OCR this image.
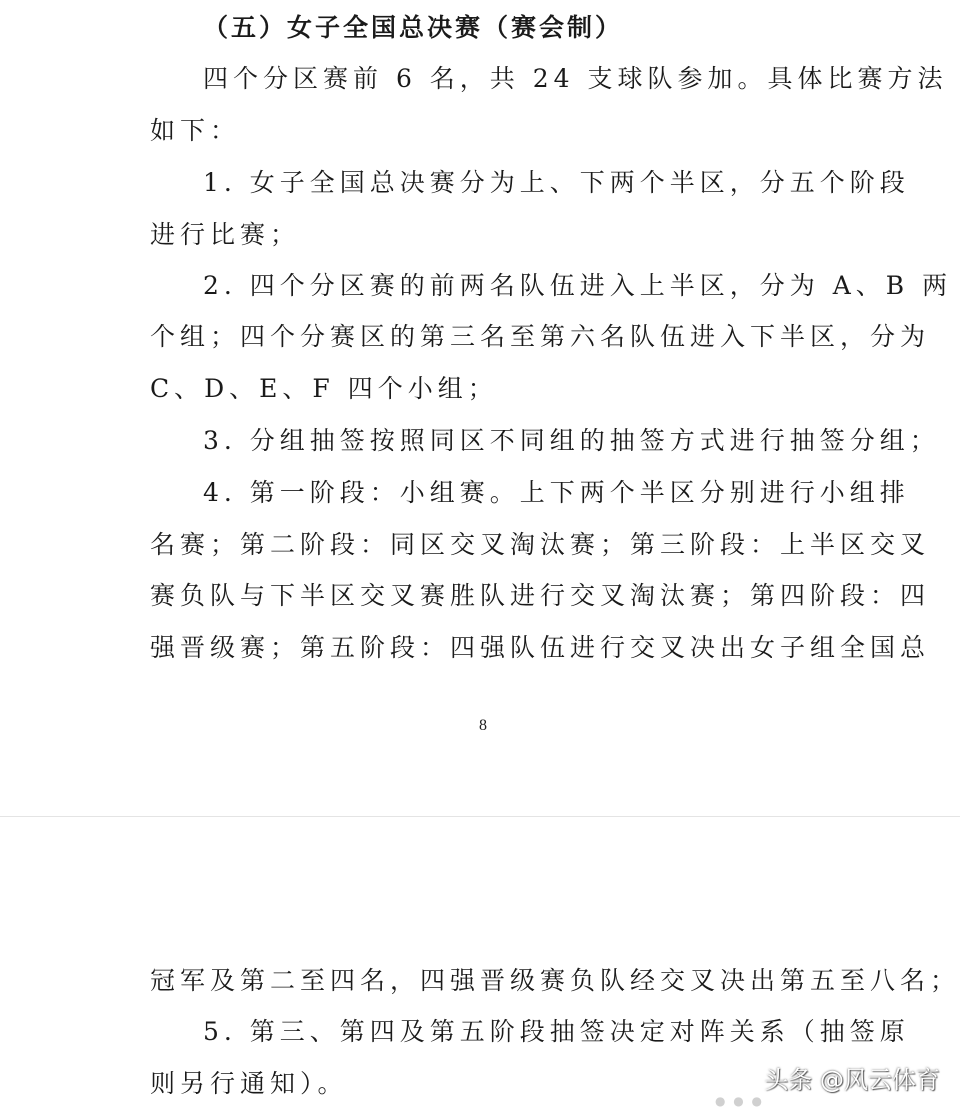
（五）女子全国总决赛（赛会制）
四个分区赛前 6 名，共 24 支球队参加。具体比赛方法
如下：
1. 女子全国总决赛分为上、下两个半区，分五个阶段
进行比赛；
2. 四个分区赛的前两名队伍进入上半区，分为 A、B 两
个组；四个分赛区的第三名至第六名队伍进入下半区，分为
C、D、E、F 四个小组；
3. 分组抽签按照同区不同组的抽签方式进行抽签分组；
4. 第一阶段：小组赛。上下两个半区分别进行小组排
名赛；第二阶段：同区交叉淘汰赛；第三阶段：上半区交叉
赛负队与下半区交叉赛胜队进行交叉淘汰赛；第四阶段：四
强晋级赛；第五阶段：四强队伍进行交叉决出女子组全国总
8
冠军及第二至四名，四强晋级赛负队经交叉决出第五至八名；
5. 第三、第四及第五阶段抽签决定对阵关系（抽签原
则另行通知）。
● ● ●
头条 @风云体育
